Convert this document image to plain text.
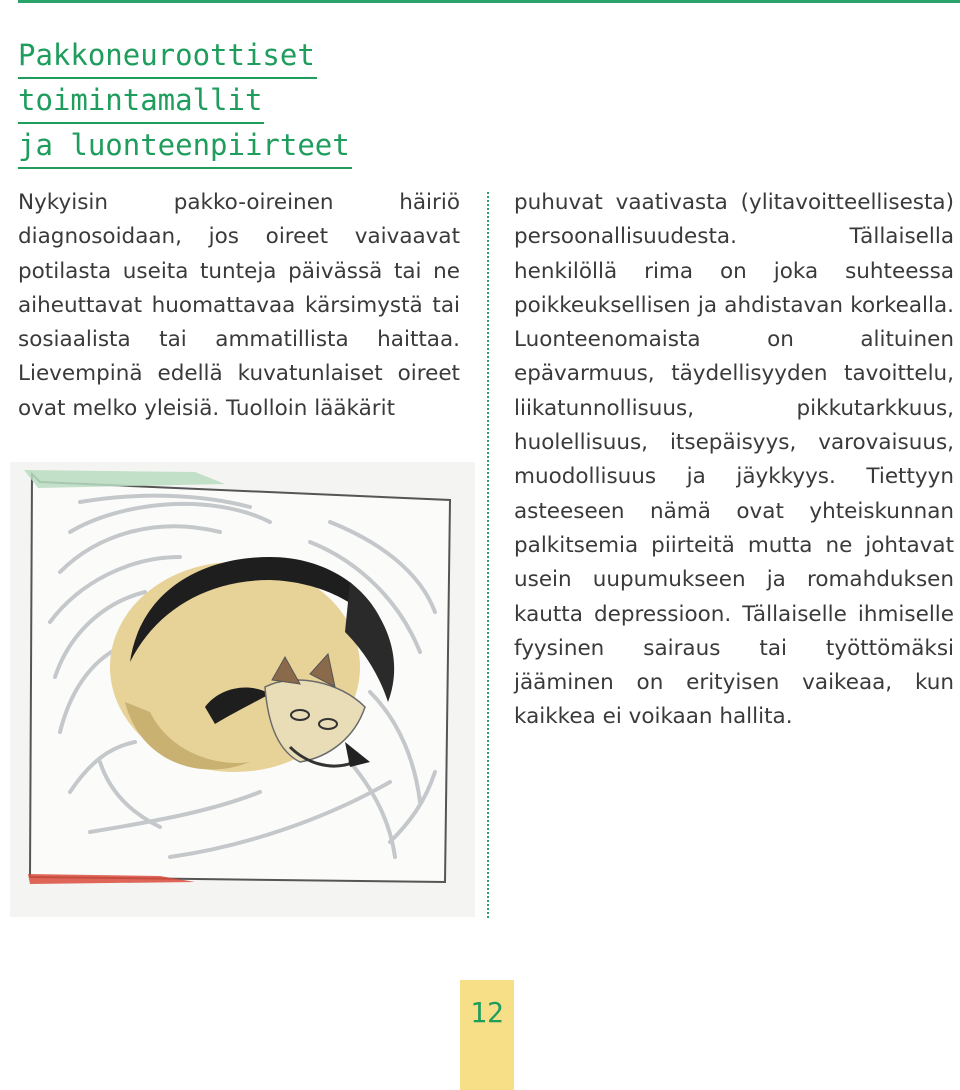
Pakkoneuroottiset
toimintamallit
ja luonteenpiirteet

Nykyisin pakko-oireinen häiriö diagnosoidaan, jos oireet vaivaavat potilasta useita tunteja päivässä tai ne aiheuttavat huomattavaa kärsimystä tai sosiaalista tai ammatillista haittaa. Lievempinä edellä kuvatunlaiset oireet ovat melko yleisiä. Tuolloin lääkärit

puhuvat vaativasta (ylitavoitteellisesta) persoonallisuudesta. Tällaisella henkilöllä rima on joka suhteessa poikkeuksellisen ja ahdistavan korkealla. Luonteenomaista on alituinen epävarmuus, täydellisyyden tavoittelu, liikatunnollisuus, pikkutarkkuus, huolellisuus, itsepäisyys, varovaisuus, muodollisuus ja jäykkyys. Tiettyyn asteeseen nämä ovat yhteiskunnan palkitsemia piirteitä mutta ne johtavat usein uupumukseen ja romahduksen kautta depressioon. Tällaiselle ihmiselle fyysinen sairaus tai työttömäksi jääminen on erityisen vaikeaa, kun kaikkea ei voikaan hallita.

12
